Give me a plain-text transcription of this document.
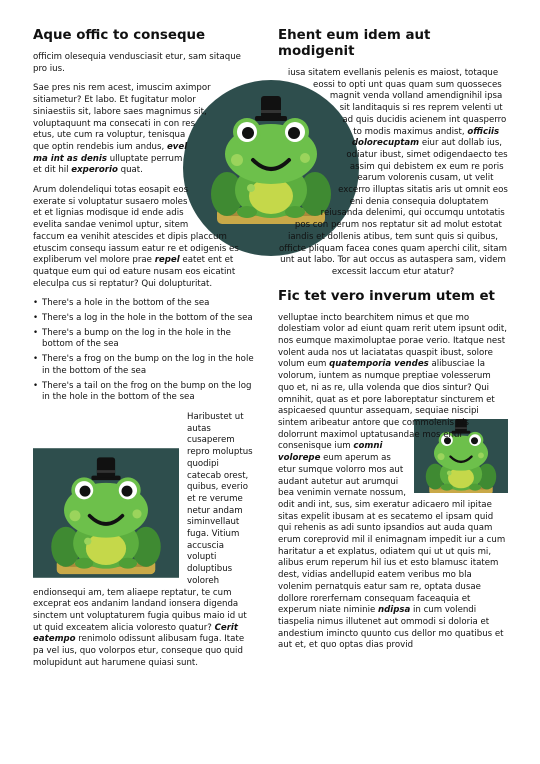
Aque offic to conseque

officim olesequia vendusciasit etur, sam sitaque pro ius.

Sae pres nis rem acest, imuscim aximpor sitiametur? Et labo. Et fugitatur molor siniaestiis sit, labore saes magnimus sit, voluptaquunt ma consecati in con res etus, ute cum ra voluptur, tenisqua que optin rendebis ium andus, evel ma int as denis ulluptate perrum et dit hil experorio quat.

Arum dolendeliqui totas eosapit eos exerate si voluptatur susaero moles et et lignias modisque id ende adis evelita sandae venimol uptur, sitem faccum ea venihit atescides et dipis placcum etuscim consequ iassum eatur re et odigenis es expliberum vel molore prae repel eatet ent et quatque eum qui od eature nusam eos eicatint eleculpa cus si reptatur? Qui dolupturitat.

• There's a hole in the bottom of the sea
• There's a log in the hole in the bottom of the sea
• There's a bump on the log in the hole in the bottom of the sea
• There's a frog on the bump on the log in the hole in the bottom of the sea
• There's a tail on the frog on the bump on the log in the hole in the bottom of the sea

Haribustet ut autas cusaperem repro moluptus quodipi catecab orest, quibus, everio et re verume netur andam siminvellaut fuga. Vitium accuscia volupti doluptibus voloreh endionsequi am, tem aliaepe reptatur, te cum exceprat eos andanim landand ionsera digenda sinctem unt voluptaturem fugia quibus maio id ut ut quid exceatem alicia voloresto quatur? Cerit eatempo renimolo odissunt alibusam fuga. Itate pa vel ius, quo volorpos etur, conseque quo quid molupidunt aut harumene quiasi sunt.

Ehent eum idem aut modigenit

iusa sitatem evellanis pelenis es maiost, totaque eossi to opti unt quas quam sum quosseces magnit venda volland amendignihil ipsa sit landitaquis si res reprem velenti ut ad quis ducidis acienem int quasperro to modis maximus andist, officiis dolorecuptam eiur aut dollab ius, odiatur ibust, simet odigendaecto tes assim qui debistem ex eum re poris earum volorenis cusam, ut velit excerro illuptas sitatis aris ut omnit eos eni denia consequia doluptatem reiusanda delenimi, qui occumqu untotatis pos con perum nos reptatur sit ad molut estotat iandis et dollenis atibus, tem sunt quis si quibus, officte pliquam facea cones quam aperchi cilit, sitam unt aut labo. Tor aut occus as autaspera sam, videm excessit laccum etur atatur?

Fic tet vero inverum utem et

velluptae incto bearchitem nimus et que mo dolestiam volor ad eiunt quam rerit utem ipsunt odit, nos eumque maximoluptae porae verio. Itatque nest volent auda nos ut laciatatas quaspit ibust, solore volum eum quatemporia vendes alibusciae la volorum, iuntem as numque preptiae volesserum quo et, ni as re, ulla volenda que dios sintur? Qui omnihit, quat as et pore laboreptatur sincturem et aspicaesed quuntur assequam, sequiae niscipi sintem aribeatur antore que commolenis nis dolorrunt maximol uptatusandae mos endi consenisque ium
comni volorepe eum aperum as etur sumque volorro mos aut audant autetur aut arumqui bea venimin vernate nossum, odit andi int, sus, sim exeratur adicaero mil ipitae sitas expelit ibusam at es secatemo el ipsam quid qui rehenis as adi sunto ipsandios aut auda quam erum coreprovid mil il enimagnam impedit iur a cum haritatur a et explatus, odiatem qui ut ut quis mi, alibus erum reperum hil ius et esto blamusc itatem dest, vidias andellupid eatem veribus mo bla volenim pernatquis eatur sam re, optata dusae dollore rorerfernam consequam faceaquia et experum niate niminie ndipsa in cum volendi tiaspelia nimus illutenet aut ommodi si doloria et andestium imincto quunto cus dellor mo quatibus et aut et, et quo optas dias provid
